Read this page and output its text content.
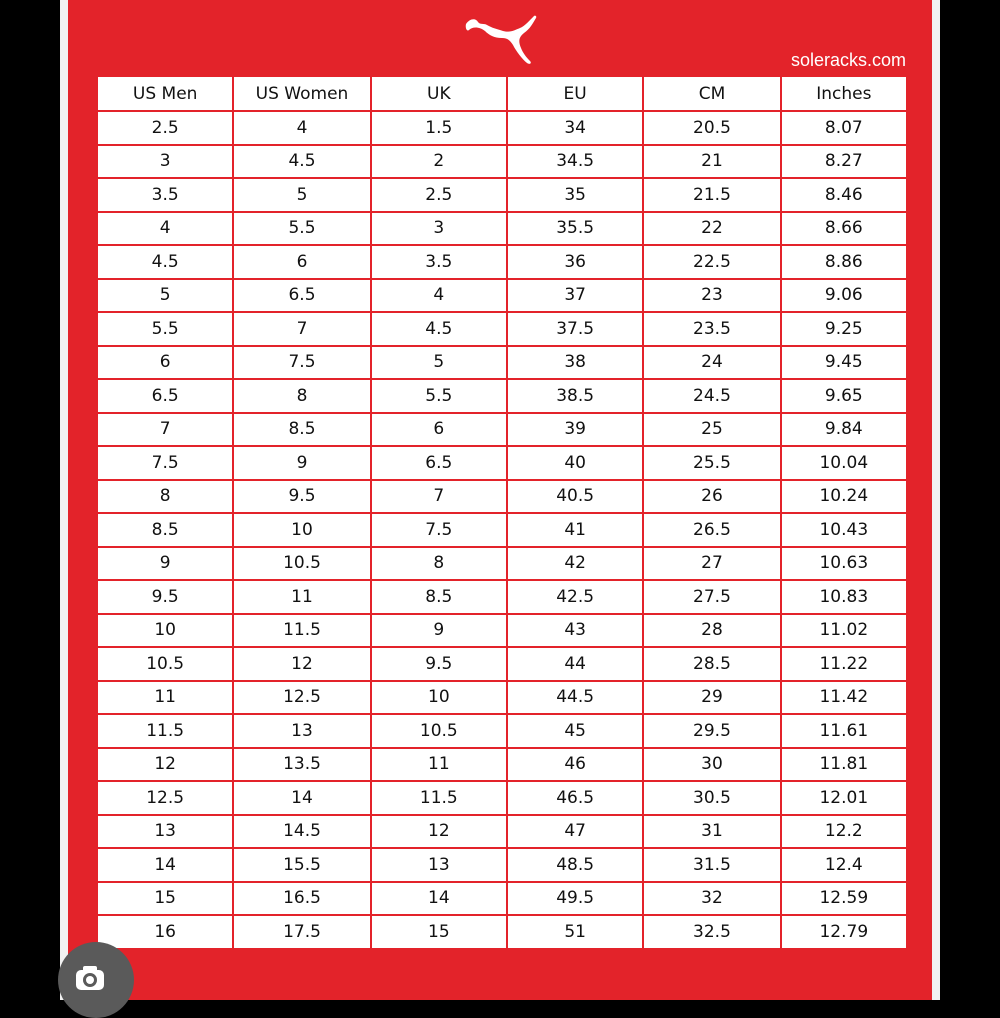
soleracks.com
US Men	US Women	UK	EU	CM	Inches
2.5	4	1.5	34	20.5	8.07
3	4.5	2	34.5	21	8.27
3.5	5	2.5	35	21.5	8.46
4	5.5	3	35.5	22	8.66
4.5	6	3.5	36	22.5	8.86
5	6.5	4	37	23	9.06
5.5	7	4.5	37.5	23.5	9.25
6	7.5	5	38	24	9.45
6.5	8	5.5	38.5	24.5	9.65
7	8.5	6	39	25	9.84
7.5	9	6.5	40	25.5	10.04
8	9.5	7	40.5	26	10.24
8.5	10	7.5	41	26.5	10.43
9	10.5	8	42	27	10.63
9.5	11	8.5	42.5	27.5	10.83
10	11.5	9	43	28	11.02
10.5	12	9.5	44	28.5	11.22
11	12.5	10	44.5	29	11.42
11.5	13	10.5	45	29.5	11.61
12	13.5	11	46	30	11.81
12.5	14	11.5	46.5	30.5	12.01
13	14.5	12	47	31	12.2
14	15.5	13	48.5	31.5	12.4
15	16.5	14	49.5	32	12.59
16	17.5	15	51	32.5	12.79
